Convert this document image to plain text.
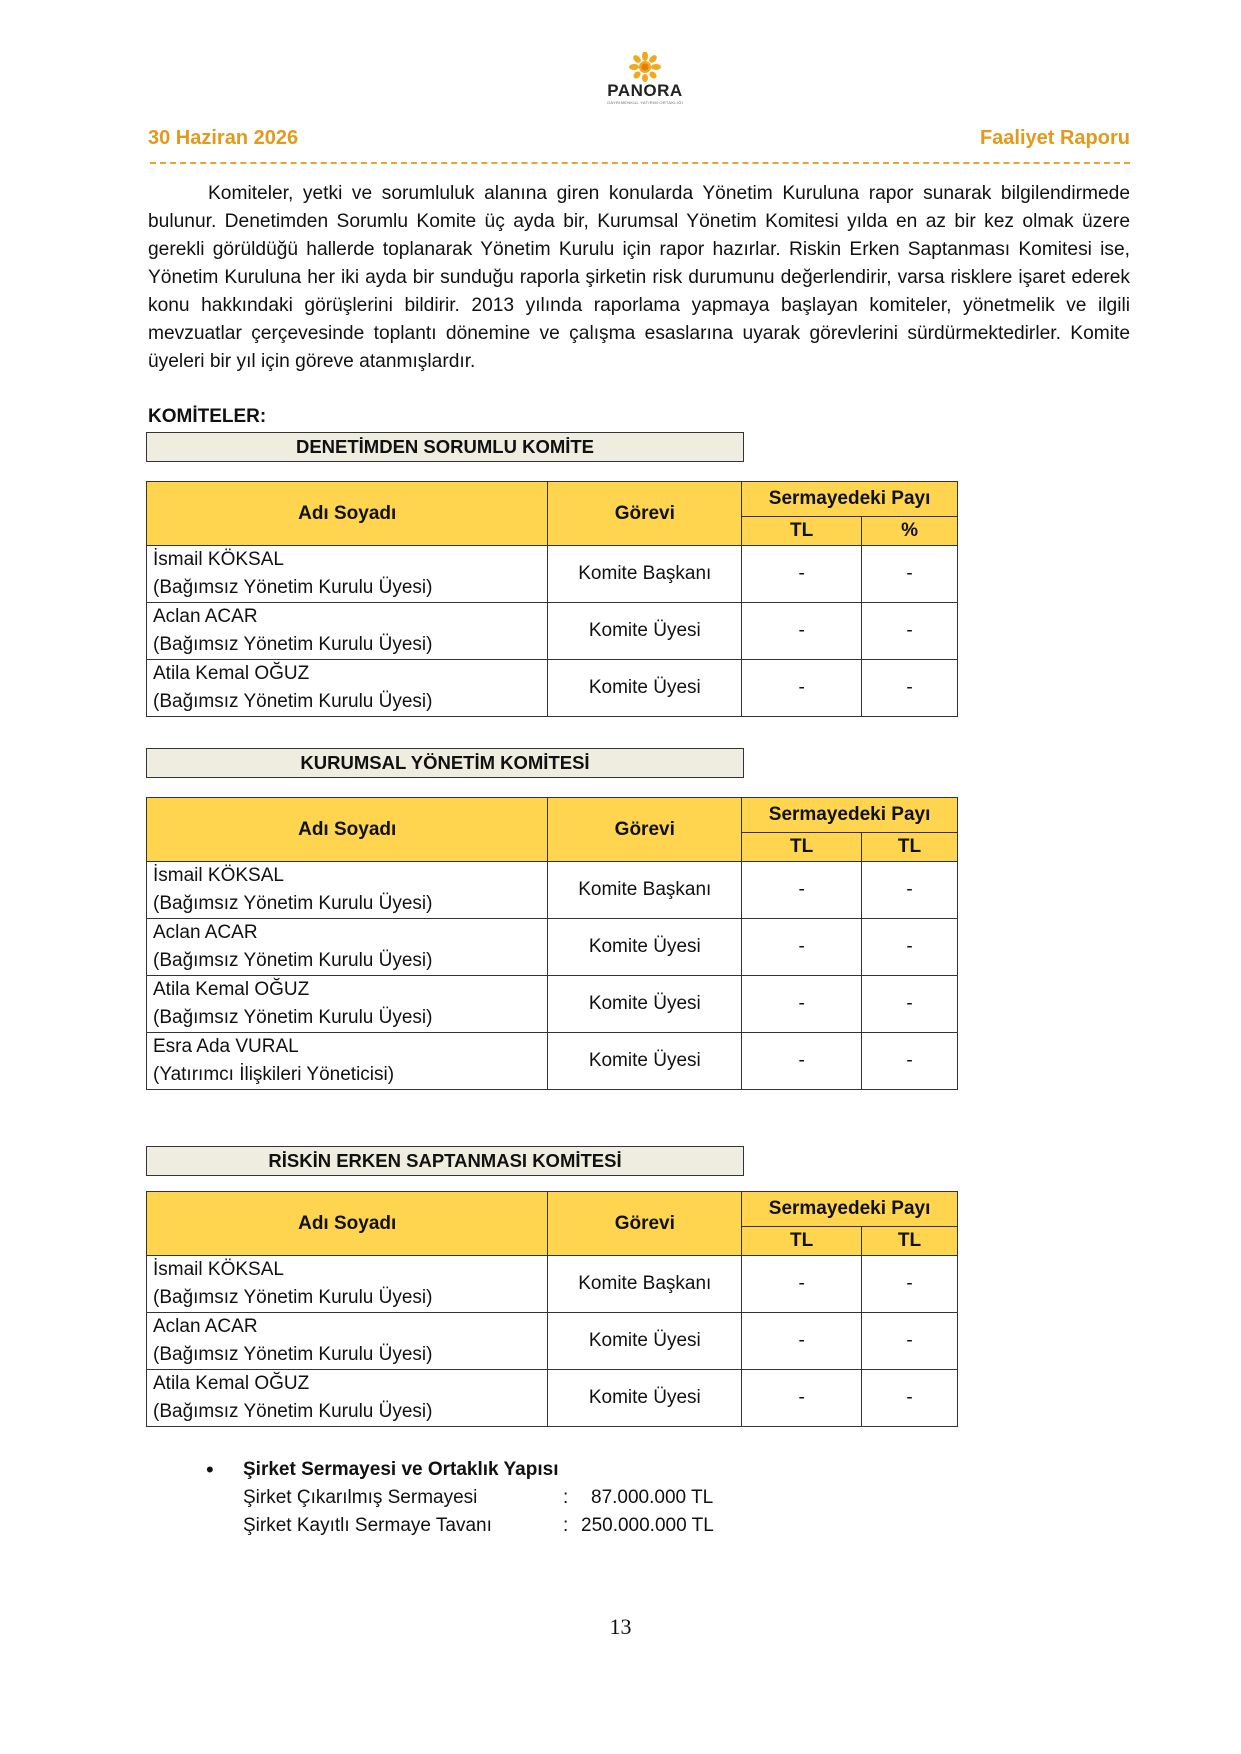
PANORA
GAYRİMENKUL YATIRIM ORTAKLIĞI
30 Haziran 2026	Faaliyet Raporu
Komiteler, yetki ve sorumluluk alanına giren konularda Yönetim Kuruluna rapor sunarak bilgilendirmede bulunur. Denetimden Sorumlu Komite üç ayda bir, Kurumsal Yönetim Komitesi yılda en az bir kez olmak üzere gerekli görüldüğü hallerde toplanarak Yönetim Kurulu için rapor hazırlar. Riskin Erken Saptanması Komitesi ise, Yönetim Kuruluna her iki ayda bir sunduğu raporla şirketin risk durumunu değerlendirir, varsa risklere işaret ederek konu hakkındaki görüşlerini bildirir. 2013 yılında raporlama yapmaya başlayan komiteler, yönetmelik ve ilgili mevzuatlar çerçevesinde toplantı dönemine ve çalışma esaslarına uyarak görevlerini sürdürmektedirler. Komite üyeleri bir yıl için göreve atanmışlardır.
KOMİTELER:
DENETİMDEN SORUMLU KOMİTE
Adı Soyadı	Görevi	Sermayedeki Payı	
		TL	%

İsmail KÖKSAL
(Bağımsız Yönetim Kurulu Üyesi)	Komite Başkanı	-	-

Aclan ACAR
(Bağımsız Yönetim Kurulu Üyesi)	Komite Üyesi	-	-

Atila Kemal OĞUZ
(Bağımsız Yönetim Kurulu Üyesi)	Komite Üyesi	-	-
KURUMSAL YÖNETİM KOMİTESİ
Adı Soyadı	Görevi	Sermayedeki Payı	
		TL	TL

İsmail KÖKSAL
(Bağımsız Yönetim Kurulu Üyesi)	Komite Başkanı	-	-

Aclan ACAR
(Bağımsız Yönetim Kurulu Üyesi)	Komite Üyesi	-	-

Atila Kemal OĞUZ
(Bağımsız Yönetim Kurulu Üyesi)	Komite Üyesi	-	-

Esra Ada VURAL
(Yatırımcı İlişkileri Yöneticisi)	Komite Üyesi	-	-
RİSKİN ERKEN SAPTANMASI KOMİTESİ
Adı Soyadı	Görevi	Sermayedeki Payı	
		TL	TL

İsmail KÖKSAL
(Bağımsız Yönetim Kurulu Üyesi)	Komite Başkanı	-	-

Aclan ACAR
(Bağımsız Yönetim Kurulu Üyesi)	Komite Üyesi	-	-

Atila Kemal OĞUZ
(Bağımsız Yönetim Kurulu Üyesi)	Komite Üyesi	-	-
• Şirket Sermayesi ve Ortaklık Yapısı
Şirket Çıkarılmış Sermayesi	: 87.000.000 TL
Şirket Kayıtlı Sermaye Tavanı	: 250.000.000 TL
13
